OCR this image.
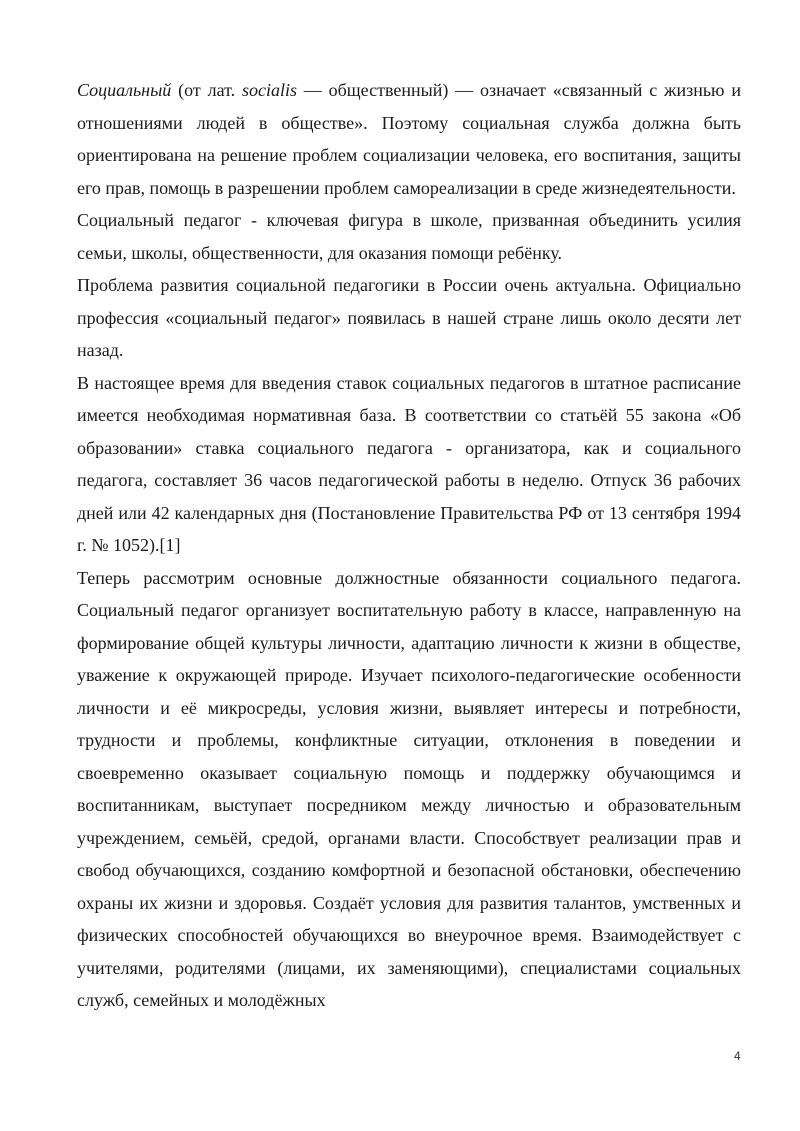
Социальный (от лат. socialis — общественный) — означает «связанный с жизнью и отношениями людей в обществе». Поэтому социальная служба должна быть ориентирована на решение проблем социализации человека, его воспитания, защиты его прав, помощь в разрешении проблем самореализации в среде жизнедеятельности.

Социальный педагог - ключевая фигура в школе, призванная объединить усилия семьи, школы, общественности, для оказания помощи ребёнку.

Проблема развития социальной педагогики в России очень актуальна. Официально профессия «социальный педагог» появилась в нашей стране лишь около десяти лет назад.

В настоящее время для введения ставок социальных педагогов в штатное расписание имеется необходимая нормативная база. В соответствии со статьёй 55 закона «Об образовании» ставка социального педагога - организатора, как и социального педагога, составляет 36 часов педагогической работы в неделю. Отпуск 36 рабочих дней или 42 календарных дня (Постановление Правительства РФ от 13 сентября 1994 г. № 1052).[1]

Теперь рассмотрим основные должностные обязанности социального педагога. Социальный педагог организует воспитательную работу в классе, направленную на формирование общей культуры личности, адаптацию личности к жизни в обществе, уважение к окружающей природе. Изучает психолого-педагогические особенности личности и её микросреды, условия жизни, выявляет интересы и потребности, трудности и проблемы, конфликтные ситуации, отклонения в поведении и своевременно оказывает социальную помощь и поддержку обучающимся и воспитанникам, выступает посредником между личностью и образовательным учреждением, семьёй, средой, органами власти. Способствует реализации прав и свобод обучающихся, созданию комфортной и безопасной обстановки, обеспечению охраны их жизни и здоровья. Создаёт условия для развития талантов, умственных и физических способностей обучающихся во внеурочное время. Взаимодействует с учителями, родителями (лицами, их заменяющими), специалистами социальных служб, семейных и молодёжных

4
